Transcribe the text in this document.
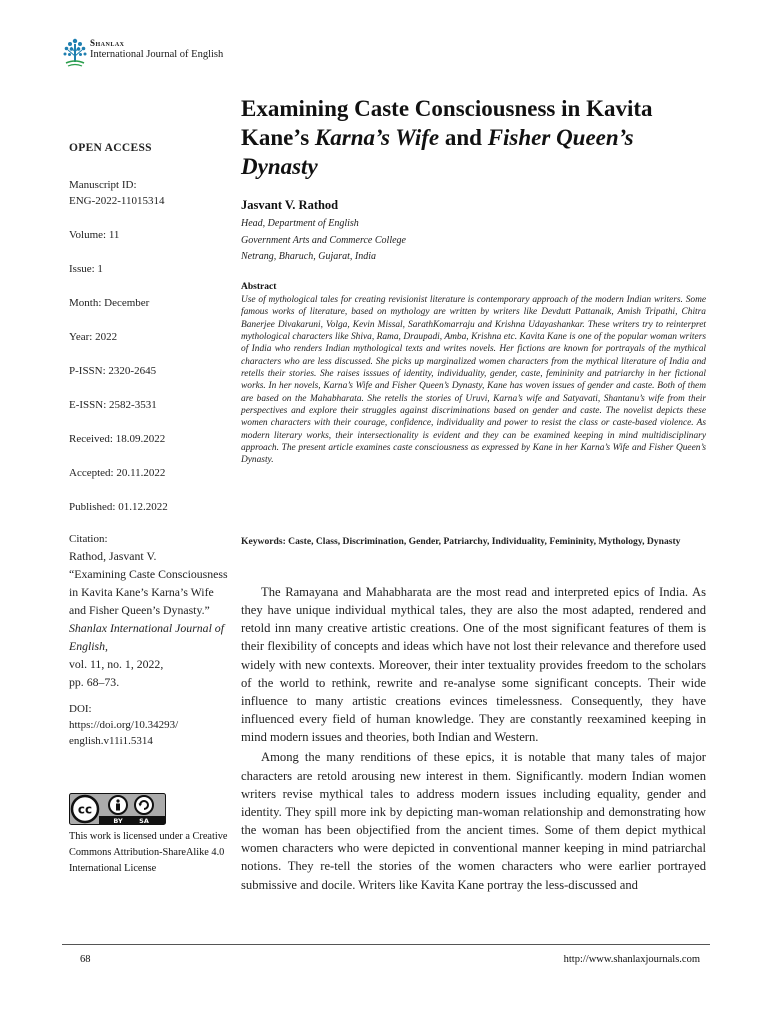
Shanlax
International Journal of English
OPEN ACCESS
Manuscript ID:
ENG-2022-11015314
Volume: 11
Issue: 1
Month: December
Year: 2022
P-ISSN: 2320-2645
E-ISSN: 2582-3531
Received: 18.09.2022
Accepted: 20.11.2022
Published: 01.12.2022
Citation:
Rathod, Jasvant V.
“Examining Caste Consciousness in Kavita Kane’s Karna’s Wife and Fisher Queen’s Dynasty.”
Shanlax International Journal of English,
vol. 11, no. 1, 2022,
pp. 68–73.
DOI:
https://doi.org/10.34293/
english.v11i1.5314
cc
BY	SA
This work is licensed under a Creative Commons Attribution-ShareAlike 4.0 International License
Examining Caste Consciousness in Kavita Kane’s Karna’s Wife and Fisher Queen’s Dynasty
Jasvant V. Rathod
Head, Department of English
Government Arts and Commerce College
Netrang, Bharuch, Gujarat, India
Abstract

Use of mythological tales for creating revisionist literature is contemporary approach of the modern Indian writers. Some famous works of literature, based on mythology are written by writers like Devdutt Pattanaik, Amish Tripathi, Chitra Banerjee Divakaruni, Volga, Kevin Missal, SarathKomarraju and Krishna Udayashankar. These writers try to reinterpret mythological characters like Shiva, Rama, Draupadi, Amba, Krishna etc. Kavita Kane is one of the popular woman writers of India who renders Indian mythological texts and writes novels. Her fictions are known for portrayals of the mythical characters who are less discussed. She picks up marginalized women characters from the mythical literature of India and retells their stories. She raises isssues of identity, individuality, gender, caste, femininity and patriarchy in her fictional works. In her novels, Karna’s Wife and Fisher Queen’s Dynasty, Kane has woven issues of gender and caste. Both of them are based on the Mahabharata. She retells the stories of Uruvi, Karna’s wife and Satyavati, Shantanu’s wife from their perspectives and explore their struggles against discriminations based on gender and caste. The novelist depicts these women characters with their courage, confidence, individuality and power to resist the class or caste-based violence. As modern literary works, their intersectionality is evident and they can be examined keeping in mind multidisciplinary approach. The present article examines caste consciousness as expressed by Kane in her Karna’s Wife and Fisher Queen’s Dynasty.

Keywords: Caste, Class, Discrimination, Gender, Patriarchy, Individuality, Femininity, Mythology, Dynasty

The Ramayana and Mahabharata are the most read and interpreted epics of India. As they have unique individual mythical tales, they are also the most adapted, rendered and retold inn many creative artistic creations. One of the most significant features of them is their flexibility of concepts and ideas which have not lost their relevance and therefore used widely with new contexts. Moreover, their inter textuality provides freedom to the scholars of the world to rethink, rewrite and re-analyse some significant concepts. Their wide influence to many artistic creations evinces timelessness. Consequently, they have influenced every field of human knowledge. They are constantly reexamined keeping in mind modern issues and theories, both Indian and Western.

Among the many renditions of these epics, it is notable that many tales of major characters are retold arousing new interest in them. Significantly. modern Indian women writers revise mythical tales to address modern issues including equality, gender and identity. They spill more ink by depicting man-woman relationship and demonstrating how the woman has been objectified from the ancient times. Some of them depict mythical women characters who were depicted in conventional manner keeping in mind patriarchal notions. They re-tell the stories of the women characters who were earlier portrayed submissive and docile. Writers like Kavita Kane portray the less-discussed and

68	http://www.shanlaxjournals.com
